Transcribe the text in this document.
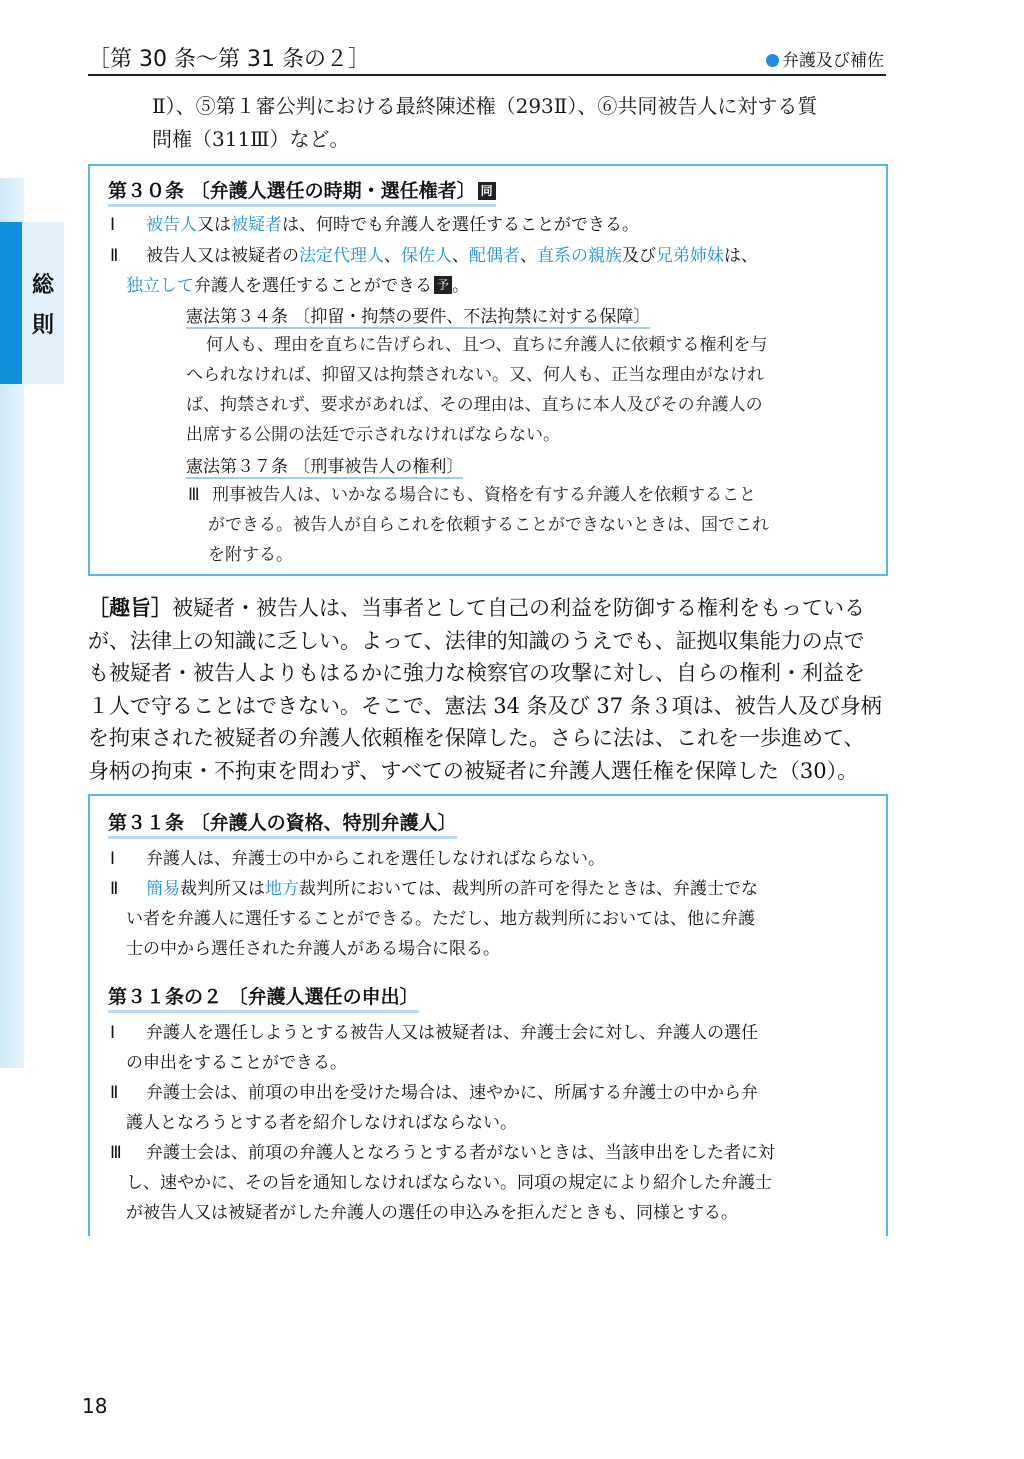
総
則
［第 30 条～第 31 条の２］	弁護及び補佐
Ⅱ）、⑤第１審公判における最終陳述権（293Ⅱ）、⑥共同被告人に対する質
問権（311Ⅲ）など。
第３０条 〔弁護人選任の時期・選任権者〕 同
Ⅰ	被告人又は被疑者は、何時でも弁護人を選任することができる。
Ⅱ	被告人又は被疑者の法定代理人、保佐人、配偶者、直系の親族及び兄弟姉妹は、
独立して弁護人を選任することができる 予 。
憲法第３４条 〔抑留・拘禁の要件、不法拘禁に対する保障〕
何人も、理由を直ちに告げられ、且つ、直ちに弁護人に依頼する権利を与
へられなければ、抑留又は拘禁されない。又、何人も、正当な理由がなけれ
ば、拘禁されず、要求があれば、その理由は、直ちに本人及びその弁護人の
出席する公開の法廷で示されなければならない。
憲法第３７条 〔刑事被告人の権利〕
Ⅲ 刑事被告人は、いかなる場合にも、資格を有する弁護人を依頼すること
ができる。被告人が自らこれを依頼することができないときは、国でこれ
を附する。
［趣旨］被疑者・被告人は、当事者として自己の利益を防御する権利をもっている
が、法律上の知識に乏しい。よって、法律的知識のうえでも、証拠収集能力の点で
も被疑者・被告人よりもはるかに強力な検察官の攻撃に対し、自らの権利・利益を
１人で守ることはできない。そこで、憲法 34 条及び 37 条３項は、被告人及び身柄
を拘束された被疑者の弁護人依頼権を保障した。さらに法は、これを一歩進めて、
身柄の拘束・不拘束を問わず、すべての被疑者に弁護人選任権を保障した（30）。
第３１条 〔弁護人の資格、特別弁護人〕
Ⅰ	弁護人は、弁護士の中からこれを選任しなければならない。
Ⅱ	簡易裁判所又は地方裁判所においては、裁判所の許可を得たときは、弁護士でな
い者を弁護人に選任することができる。ただし、地方裁判所においては、他に弁護
士の中から選任された弁護人がある場合に限る。
第３１条の２ 〔弁護人選任の申出〕
Ⅰ	弁護人を選任しようとする被告人又は被疑者は、弁護士会に対し、弁護人の選任
の申出をすることができる。
Ⅱ	弁護士会は、前項の申出を受けた場合は、速やかに、所属する弁護士の中から弁
護人となろうとする者を紹介しなければならない。
Ⅲ	弁護士会は、前項の弁護人となろうとする者がないときは、当該申出をした者に対
し、速やかに、その旨を通知しなければならない。同項の規定により紹介した弁護士
が被告人又は被疑者がした弁護人の選任の申込みを拒んだときも、同様とする。
18
